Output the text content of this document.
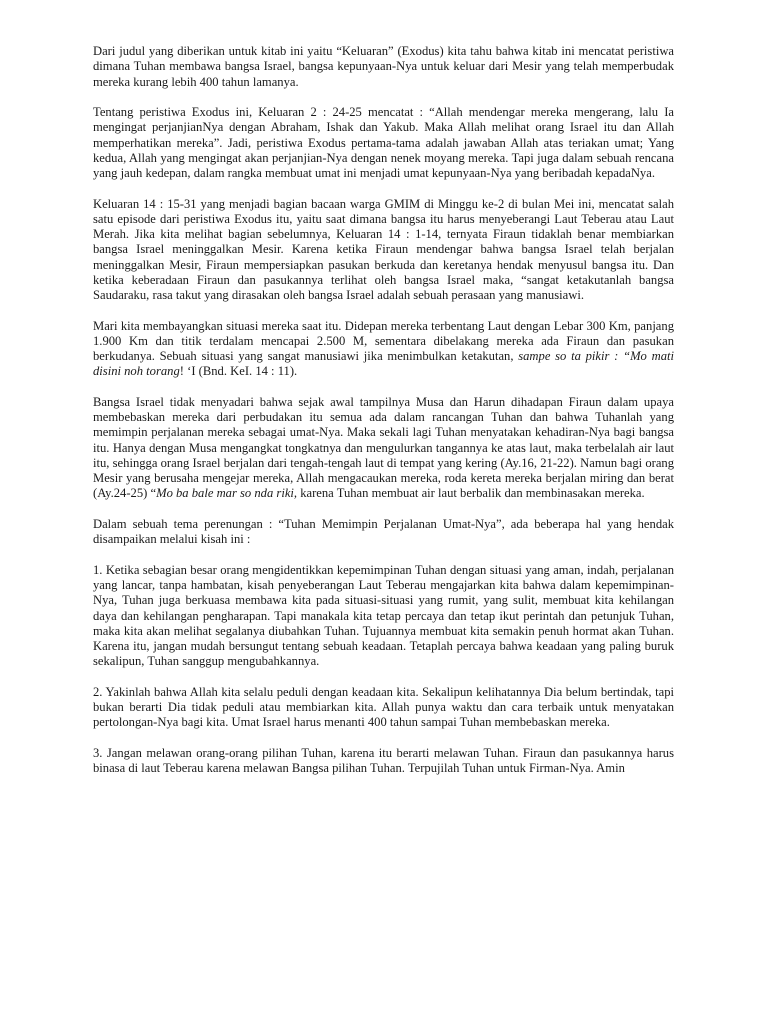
Dari judul yang diberikan untuk kitab ini yaitu “Keluaran” (Exodus) kita tahu bahwa kitab ini mencatat peristiwa dimana Tuhan membawa bangsa Israel, bangsa kepunyaan-Nya untuk keluar dari Mesir yang telah memperbudak mereka kurang lebih 400 tahun lamanya.

Tentang peristiwa Exodus ini, Keluaran 2 : 24-25 mencatat : “Allah mendengar mereka mengerang, lalu Ia mengingat perjanjianNya dengan Abraham, Ishak dan Yakub. Maka Allah melihat orang Israel itu dan Allah memperhatikan mereka”. Jadi, peristiwa Exodus pertama-tama adalah jawaban Allah atas teriakan umat; Yang kedua, Allah yang mengingat akan perjanjian-Nya dengan nenek moyang mereka. Tapi juga dalam sebuah rencana yang jauh kedepan, dalam rangka membuat umat ini menjadi umat kepunyaan-Nya yang beribadah kepadaNya.

Keluaran 14 : 15-31 yang menjadi bagian bacaan warga GMIM di Minggu ke-2 di bulan Mei ini, mencatat salah satu episode dari peristiwa Exodus itu, yaitu saat dimana bangsa itu harus menyeberangi Laut Teberau atau Laut Merah. Jika kita melihat bagian sebelumnya, Keluaran 14 : 1-14, ternyata Firaun tidaklah benar membiarkan bangsa Israel meninggalkan Mesir. Karena ketika Firaun mendengar bahwa bangsa Israel telah berjalan meninggalkan Mesir, Firaun mempersiapkan pasukan berkuda dan keretanya hendak menyusul bangsa itu. Dan ketika keberadaan Firaun dan pasukannya terlihat oleh bangsa Israel maka, “sangat ketakutanlah bangsa Saudaraku, rasa takut yang dirasakan oleh bangsa Israel adalah sebuah perasaan yang manusiawi.

Mari kita membayangkan situasi mereka saat itu. Didepan mereka terbentang Laut dengan Lebar 300 Km, panjang 1.900 Km dan titik terdalam mencapai 2.500 M, sementara dibelakang mereka ada Firaun dan pasukan berkudanya. Sebuah situasi yang sangat manusiawi jika menimbulkan ketakutan, sampe so ta pikir : “Mo mati disini noh torang! ‘I (Bnd. KeI. 14 : 11).

Bangsa Israel tidak menyadari bahwa sejak awal tampilnya Musa dan Harun dihadapan Firaun dalam upaya membebaskan mereka dari perbudakan itu semua ada dalam rancangan Tuhan dan bahwa Tuhanlah yang memimpin perjalanan mereka sebagai umat-Nya. Maka sekali lagi Tuhan menyatakan kehadiran-Nya bagi bangsa itu. Hanya dengan Musa mengangkat tongkatnya dan mengulurkan tangannya ke atas laut, maka terbelalah air laut itu, sehingga orang Israel berjalan dari tengah-tengah laut di tempat yang kering (Ay.16, 21-22). Namun bagi orang Mesir yang berusaha mengejar mereka, Allah mengacaukan mereka, roda kereta mereka berjalan miring dan berat (Ay.24-25) “Mo ba bale mar so nda riki, karena Tuhan membuat air laut berbalik dan membinasakan mereka.

Dalam sebuah tema perenungan : “Tuhan Memimpin Perjalanan Umat-Nya”, ada beberapa hal yang hendak disampaikan melalui kisah ini :

1. Ketika sebagian besar orang mengidentikkan kepemimpinan Tuhan dengan situasi yang aman, indah, perjalanan yang lancar, tanpa hambatan, kisah penyeberangan Laut Teberau mengajarkan kita bahwa dalam kepemimpinan-Nya, Tuhan juga berkuasa membawa kita pada situasi-situasi yang rumit, yang sulit, membuat kita kehilangan daya dan kehilangan pengharapan. Tapi manakala kita tetap percaya dan tetap ikut perintah dan petunjuk Tuhan, maka kita akan melihat segalanya diubahkan Tuhan. Tujuannya membuat kita semakin penuh hormat akan Tuhan. Karena itu, jangan mudah bersungut tentang sebuah keadaan. Tetaplah percaya bahwa keadaan yang paling buruk sekalipun, Tuhan sanggup mengubahkannya.

2. Yakinlah bahwa Allah kita selalu peduli dengan keadaan kita. Sekalipun kelihatannya Dia belum bertindak, tapi bukan berarti Dia tidak peduli atau membiarkan kita. Allah punya waktu dan cara terbaik untuk menyatakan pertolongan-Nya bagi kita. Umat Israel harus menanti 400 tahun sampai Tuhan membebaskan mereka.

3. Jangan melawan orang-orang pilihan Tuhan, karena itu berarti melawan Tuhan. Firaun dan pasukannya harus binasa di laut Teberau karena melawan Bangsa pilihan Tuhan. Terpujilah Tuhan untuk Firman-Nya. Amin
